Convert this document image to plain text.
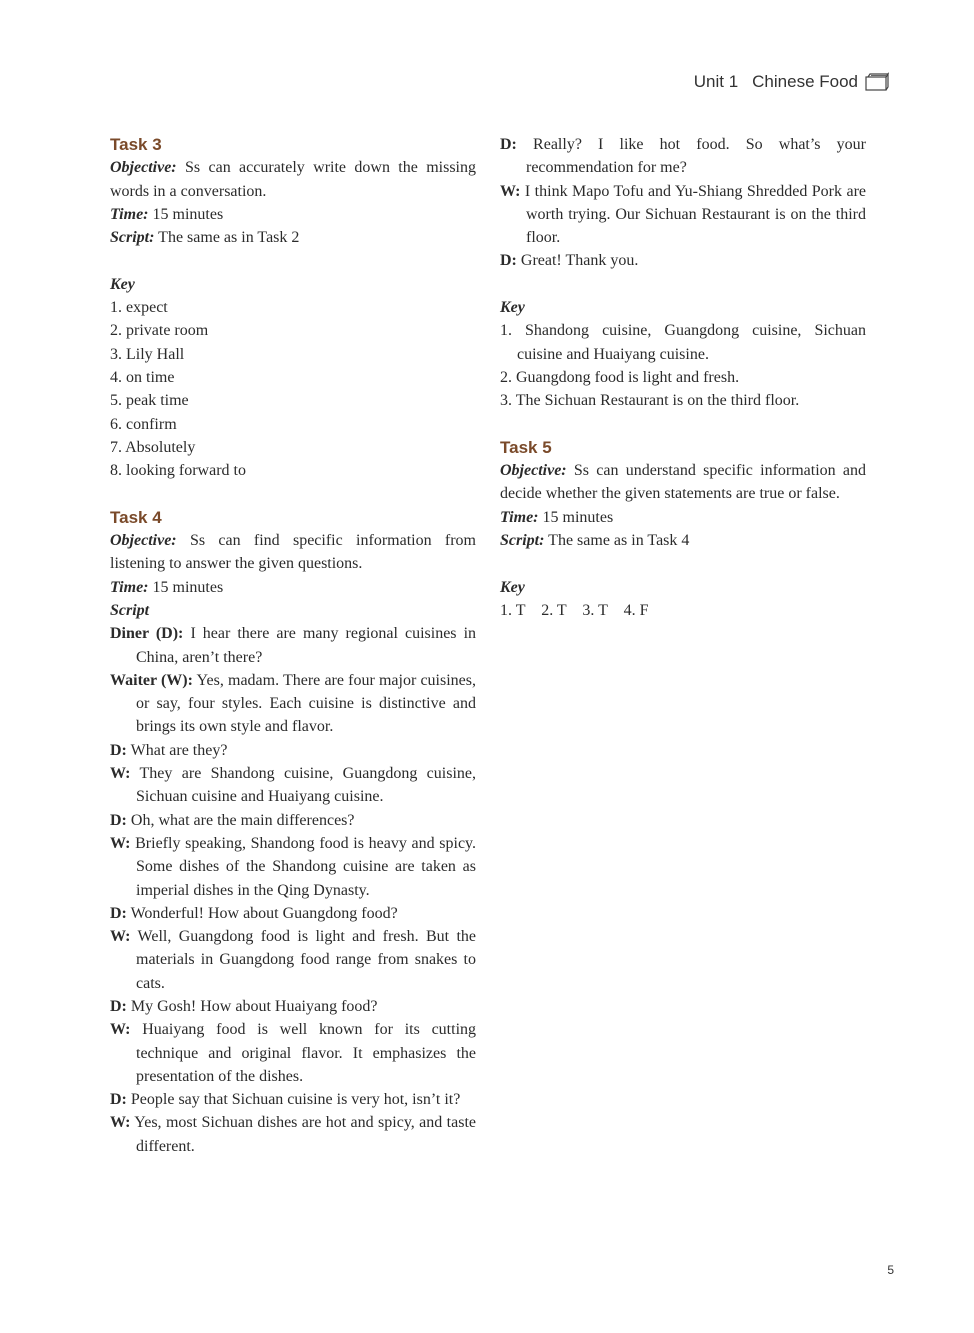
Unit 1 Chinese Food

Task 3

Objective: Ss can accurately write down the missing words in a conversation.

Time: 15 minutes

Script: The same as in Task 2

Key

1. expect
2. private room
3. Lily Hall
4. on time
5. peak time
6. confirm
7. Absolutely
8. looking forward to

Task 4

Objective: Ss can find specific information from listening to answer the given questions.

Time: 15 minutes

Script

Diner (D): I hear there are many regional cuisines in China, aren’t there?

Waiter (W): Yes, madam. There are four major cuisines, or say, four styles. Each cuisine is distinctive and brings its own style and flavor.

D: What are they?

W: They are Shandong cuisine, Guangdong cuisine, Sichuan cuisine and Huaiyang cuisine.

D: Oh, what are the main differences?

W: Briefly speaking, Shandong food is heavy and spicy. Some dishes of the Shandong cuisine are taken as imperial dishes in the Qing Dynasty.

D: Wonderful! How about Guangdong food?

W: Well, Guangdong food is light and fresh. But the materials in Guangdong food range from snakes to cats.

D: My Gosh! How about Huaiyang food?

W: Huaiyang food is well known for its cutting technique and original flavor. It emphasizes the presentation of the dishes.

D: People say that Sichuan cuisine is very hot, isn’t it?

W: Yes, most Sichuan dishes are hot and spicy, and taste different.

D: Really? I like hot food. So what’s your recommendation for me?

W: I think Mapo Tofu and Yu-Shiang Shredded Pork are worth trying. Our Sichuan Restaurant is on the third floor.

D: Great! Thank you.

Key

1. Shandong cuisine, Guangdong cuisine, Sichuan cuisine and Huaiyang cuisine.

2. Guangdong food is light and fresh.

3. The Sichuan Restaurant is on the third floor.

Task 5

Objective: Ss can understand specific information and decide whether the given statements are true or false.

Time: 15 minutes

Script: The same as in Task 4

Key

1. T    2. T    3. T    4. F

5
